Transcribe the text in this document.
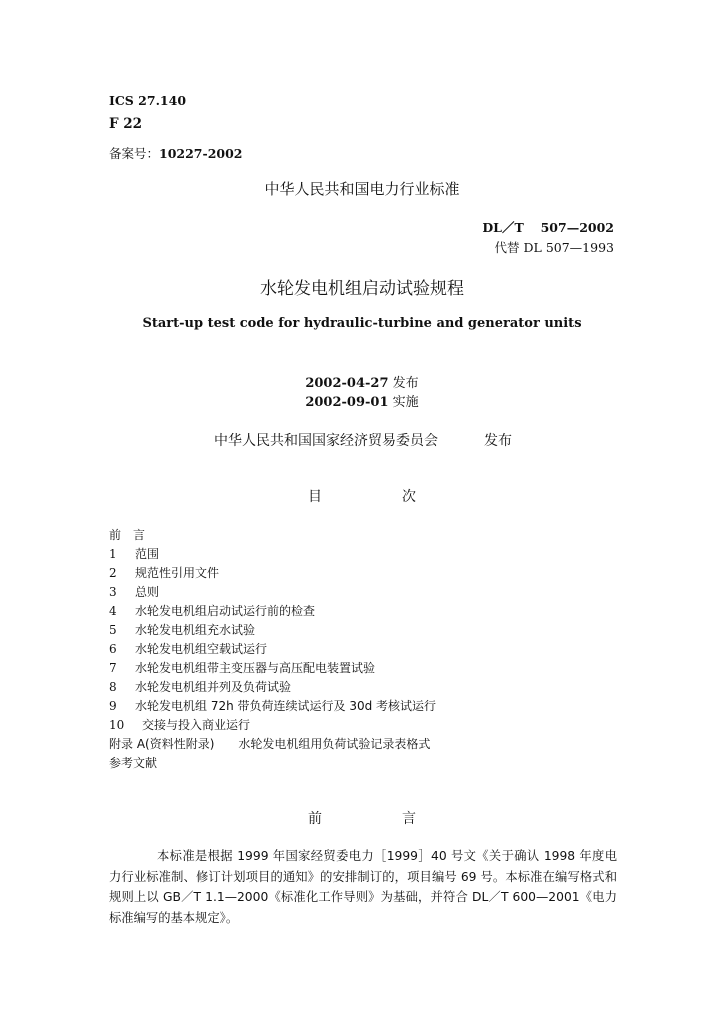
ICS 27.140
F 22
备案号：10227-2002
中华人民共和国电力行业标准
DL／T　 507—2002
代替 DL 507—1993
水轮发电机组启动试验规程
Start-up test code for hydraulic-turbine and generator units
2002-04-27 发布
2002-09-01 实施
中华人民共和国国家经济贸易委员会	发布
目	次
前　言
1 范围
2 规范性引用文件
3 总则
4 水轮发电机组启动试运行前的检查
5 水轮发电机组充水试验
6 水轮发电机组空载试运行
7 水轮发电机组带主变压器与高压配电装置试验
8 水轮发电机组并列及负荷试验
9 水轮发电机组 72h 带负荷连续试运行及 30d 考核试运行
10 交接与投入商业运行
附录 A(资料性附录)　　水轮发电机组用负荷试验记录表格式
参考文献
前	言
本标准是根据 1999 年国家经贸委电力［1999］40 号文《关于确认 1998 年度电力行业标准制、修订计划项目的通知》的安排制订的，项目编号 69 号。本标准在编写格式和规则上以 GB／T 1.1—2000《标准化工作导则》为基础，并符合 DL／T 600—2001《电力标准编写的基本规定》。
